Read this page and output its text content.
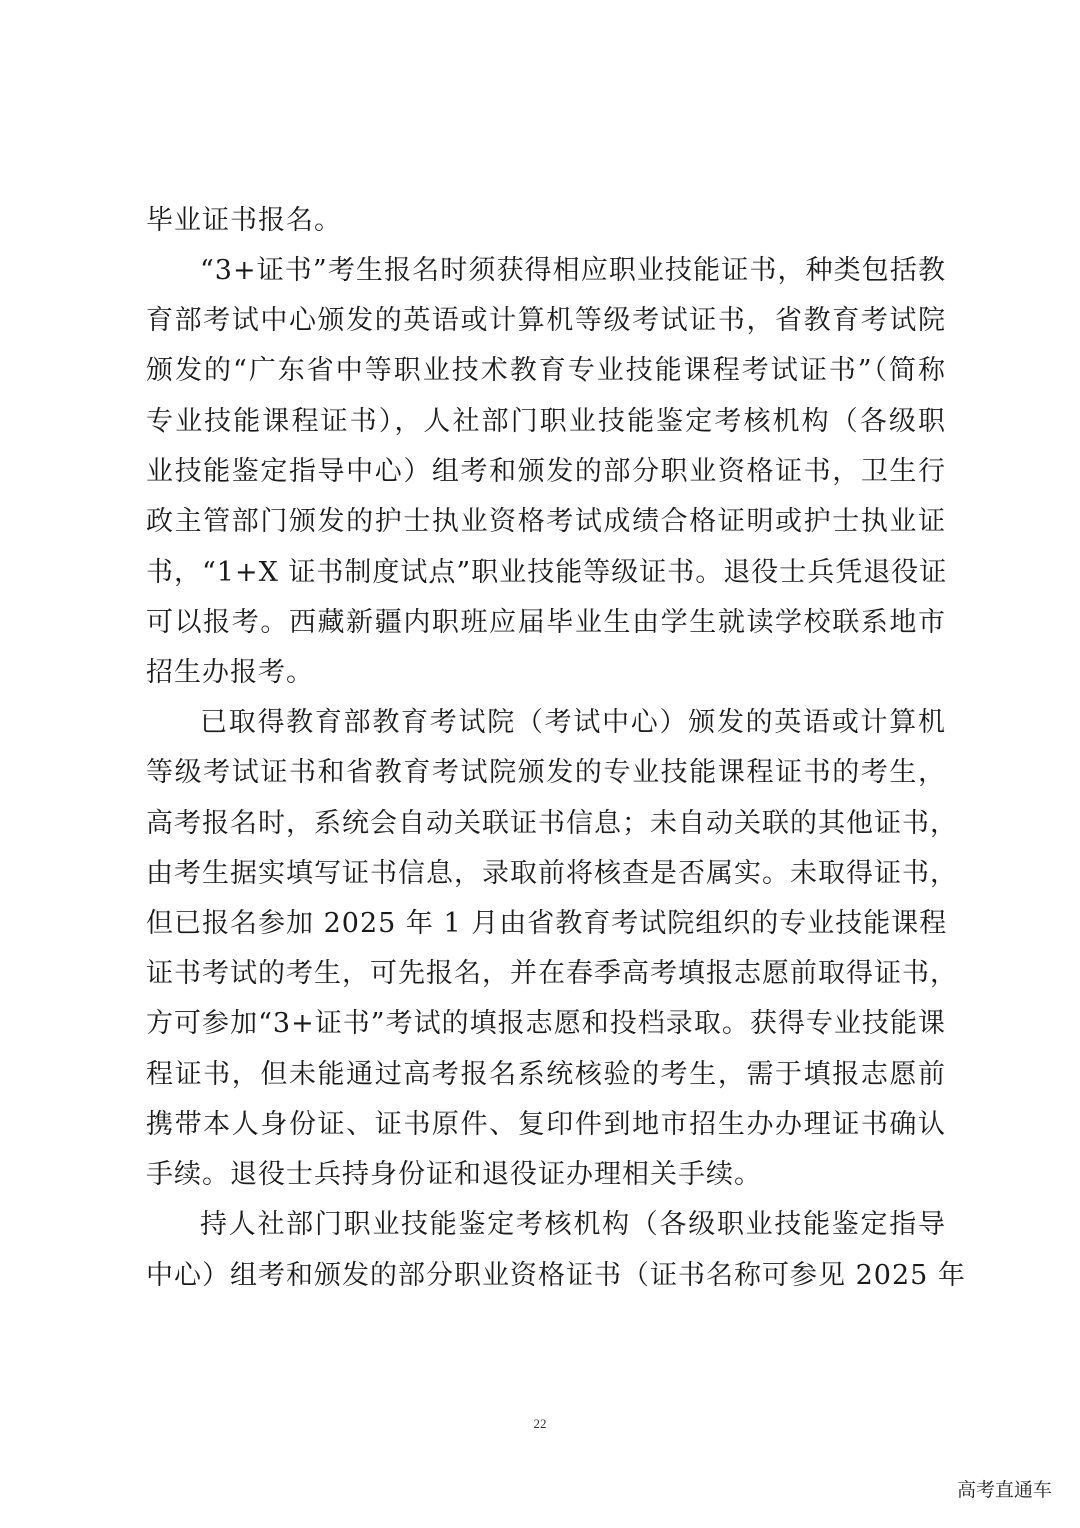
毕业证书报名。
“3+证书”考生报名时须获得相应职业技能证书，种类包括教
育部考试中心颁发的英语或计算机等级考试证书，省教育考试院
颁发的“广东省中等职业技术教育专业技能课程考试证书”（简称
专业技能课程证书），人社部门职业技能鉴定考核机构（各级职
业技能鉴定指导中心）组考和颁发的部分职业资格证书，卫生行
政主管部门颁发的护士执业资格考试成绩合格证明或护士执业证
书，“1+X 证书制度试点”职业技能等级证书。退役士兵凭退役证
可以报考。西藏新疆内职班应届毕业生由学生就读学校联系地市
招生办报考。
已取得教育部教育考试院（考试中心）颁发的英语或计算机
等级考试证书和省教育考试院颁发的专业技能课程证书的考生，
高考报名时，系统会自动关联证书信息；未自动关联的其他证书，
由考生据实填写证书信息，录取前将核查是否属实。未取得证书，
但已报名参加 2025 年 1 月由省教育考试院组织的专业技能课程
证书考试的考生，可先报名，并在春季高考填报志愿前取得证书，
方可参加“3+证书”考试的填报志愿和投档录取。获得专业技能课
程证书，但未能通过高考报名系统核验的考生，需于填报志愿前
携带本人身份证、证书原件、复印件到地市招生办办理证书确认
手续。退役士兵持身份证和退役证办理相关手续。
持人社部门职业技能鉴定考核机构（各级职业技能鉴定指导
中心）组考和颁发的部分职业资格证书（证书名称可参见 2025 年
22
高考直通车
